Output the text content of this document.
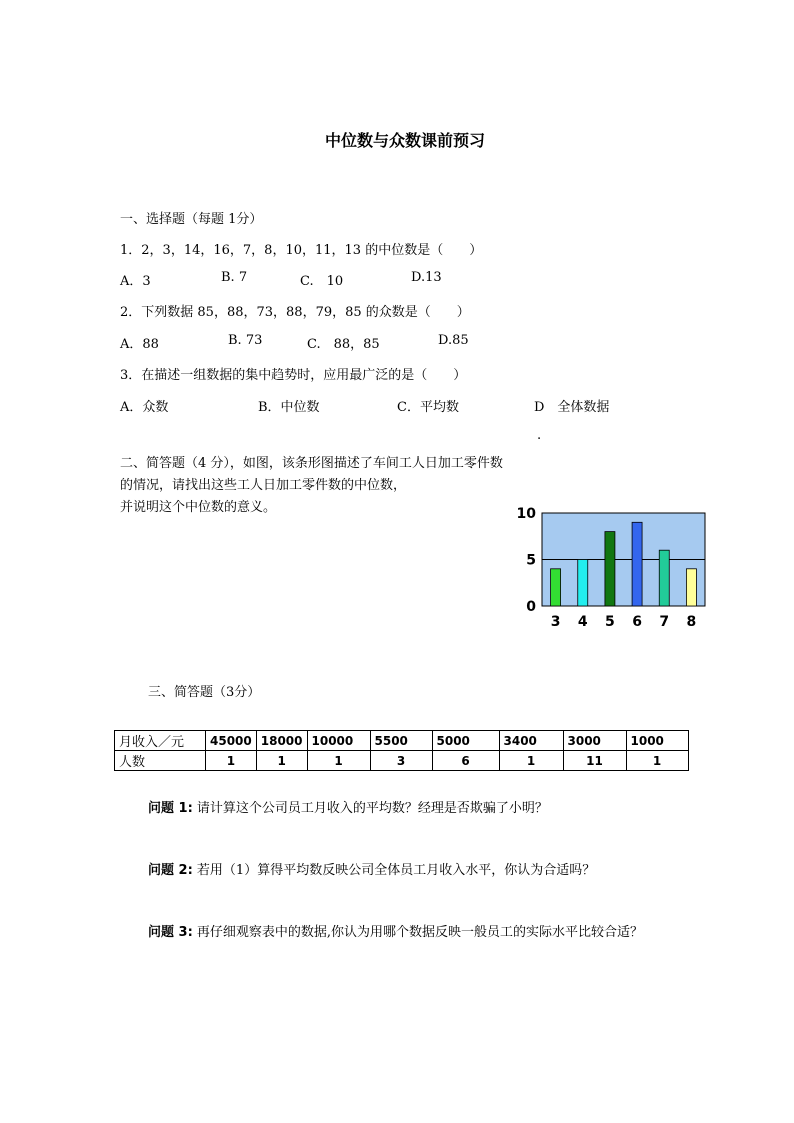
中位数与众数课前预习
一、选择题（每题 1分）
1．2，3，14，16，7，8，10，11，13 的中位数是（　　）
A．3	B. 7	C.　10	D.13
2．下列数据 85，88，73，88，79，85 的众数是（　　）
A．88	B. 73	C.　88，85	D.85
3．在描述一组数据的集中趋势时，应用最广泛的是（　　）
A．众数	B．中位数	C．平均数	D　全体数据
.
二、简答题（4 分），如图，该条形图描述了车间工人日加工零件数
的情况，请找出这些工人日加工零件数的中位数，
并说明这个中位数的意义。
0
5
10
3 4 5 6 7 8
三、简答题（3分）
月收入／元	45000	18000	10000	5500	5000	3400	3000	1000
人数	1	1	1	3	6	1	11	1
问题 1: 请计算这个公司员工月收入的平均数？经理是否欺骗了小明？
问题 2: 若用（1）算得平均数反映公司全体员工月收入水平，你认为合适吗？
问题 3: 再仔细观察表中的数据,你认为用哪个数据反映一般员工的实际水平比较合适？
